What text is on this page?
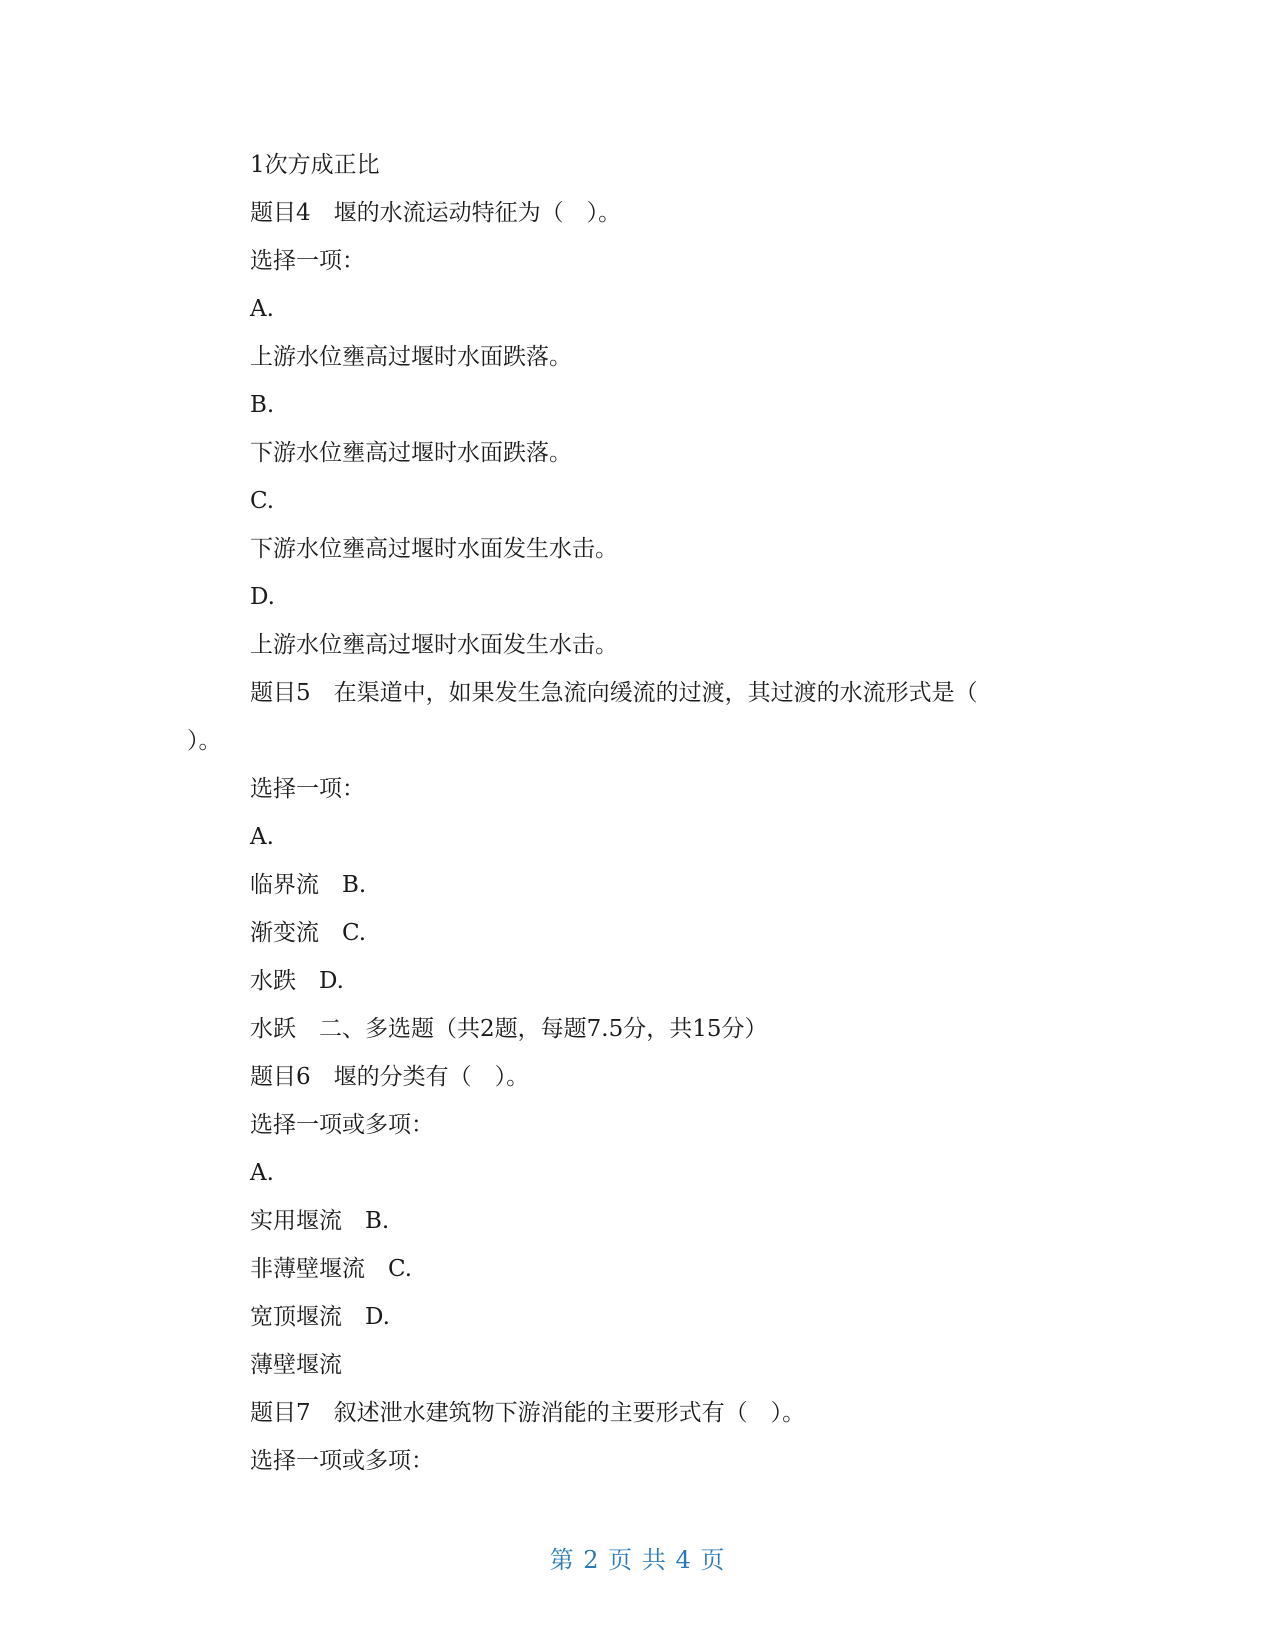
1次方成正比
题目4　堰的水流运动特征为（　）。
选择一项：
A.
上游水位壅高过堰时水面跌落。
B.
下游水位壅高过堰时水面跌落。
C.
下游水位壅高过堰时水面发生水击。
D.
上游水位壅高过堰时水面发生水击。
题目5　在渠道中，如果发生急流向缓流的过渡，其过渡的水流形式是（
）。
选择一项：
A.
临界流　B.
渐变流　C.
水跌　D.
水跃　二、多选题（共2题，每题7.5分，共15分）
题目6　堰的分类有（　）。
选择一项或多项：
A.
实用堰流　B.
非薄壁堰流　C.
宽顶堰流　D.
薄壁堰流
题目7　叙述泄水建筑物下游消能的主要形式有（　）。
选择一项或多项：
第 2 页 共 4 页
